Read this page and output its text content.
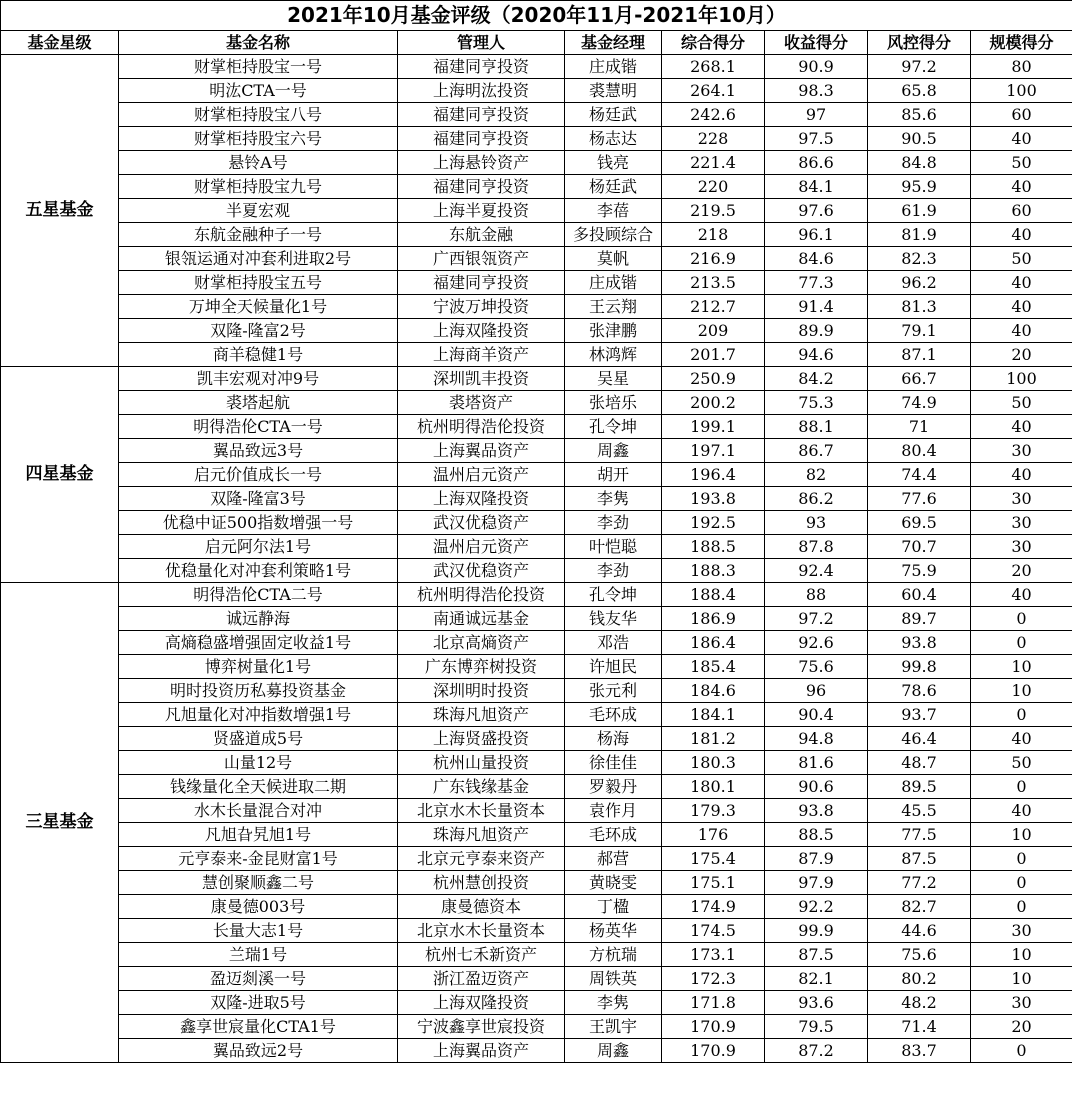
2021年10月基金评级（2020年11月-2021年10月）							
基金星级	基金名称	管理人	基金经理	综合得分	收益得分	风控得分	规模得分
五星基金	财掌柜持股宝一号	福建同亨投资	庄成锴	268.1	90.9	97.2	80
	明汯CTA一号	上海明汯投资	裘慧明	264.1	98.3	65.8	100
	财掌柜持股宝八号	福建同亨投资	杨廷武	242.6	97	85.6	60
	财掌柜持股宝六号	福建同亨投资	杨志达	228	97.5	90.5	40
	悬铃A号	上海悬铃资产	钱亮	221.4	86.6	84.8	50
	财掌柜持股宝九号	福建同亨投资	杨廷武	220	84.1	95.9	40
	半夏宏观	上海半夏投资	李蓓	219.5	97.6	61.9	60
	东航金融种子一号	东航金融	多投顾综合	218	96.1	81.9	40
	银瓴运通对冲套利进取2号	广西银瓴资产	莫帆	216.9	84.6	82.3	50
	财掌柜持股宝五号	福建同亨投资	庄成锴	213.5	77.3	96.2	40
	万坤全天候量化1号	宁波万坤投资	王云翔	212.7	91.4	81.3	40
	双隆-隆富2号	上海双隆投资	张津鹏	209	89.9	79.1	40
	商羊稳健1号	上海商羊资产	林鸿辉	201.7	94.6	87.1	20
四星基金	凯丰宏观对冲9号	深圳凯丰投资	吴星	250.9	84.2	66.7	100
	裘塔起航	裘塔资产	张培乐	200.2	75.3	74.9	50
	明得浩伦CTA一号	杭州明得浩伦投资	孔令坤	199.1	88.1	71	40
	翼品致远3号	上海翼品资产	周鑫	197.1	86.7	80.4	30
	启元价值成长一号	温州启元资产	胡开	196.4	82	74.4	40
	双隆-隆富3号	上海双隆投资	李隽	193.8	86.2	77.6	30
	优稳中证500指数增强一号	武汉优稳资产	李劲	192.5	93	69.5	30
	启元阿尔法1号	温州启元资产	叶恺聪	188.5	87.8	70.7	30
	优稳量化对冲套利策略1号	武汉优稳资产	李劲	188.3	92.4	75.9	20
三星基金	明得浩伦CTA二号	杭州明得浩伦投资	孔令坤	188.4	88	60.4	40
	诚远静海	南通诚远基金	钱友华	186.9	97.2	89.7	0
	高熵稳盛增强固定收益1号	北京高熵资产	邓浩	186.4	92.6	93.8	0
	博弈树量化1号	广东博弈树投资	许旭民	185.4	75.6	99.8	10
	明时投资历私募投资基金	深圳明时投资	张元利	184.6	96	78.6	10
	凡旭量化对冲指数增强1号	珠海凡旭资产	毛环成	184.1	90.4	93.7	0
	贤盛道成5号	上海贤盛投资	杨海	181.2	94.8	46.4	40
	山量12号	杭州山量投资	徐佳佳	180.3	81.6	48.7	50
	钱缘量化全天候进取二期	广东钱缘基金	罗毅丹	180.1	90.6	89.5	0
	水木长量混合对冲	北京水木长量资本	袁作月	179.3	93.8	45.5	40
	凡旭旮旯旭1号	珠海凡旭资产	毛环成	176	88.5	77.5	10
	元亨泰来-金昆财富1号	北京元亨泰来资产	郝营	175.4	87.9	87.5	0
	慧创聚顺鑫二号	杭州慧创投资	黄晓雯	175.1	97.9	77.2	0
	康曼德003号	康曼德资本	丁楹	174.9	92.2	82.7	0
	长量大志1号	北京水木长量资本	杨英华	174.5	99.9	44.6	30
	兰瑞1号	杭州七禾新资产	方杭瑞	173.1	87.5	75.6	10
	盈迈剡溪一号	浙江盈迈资产	周铁英	172.3	82.1	80.2	10
	双隆-进取5号	上海双隆投资	李隽	171.8	93.6	48.2	30
	鑫享世宸量化CTA1号	宁波鑫享世宸投资	王凯宇	170.9	79.5	71.4	20
	翼品致远2号	上海翼品资产	周鑫	170.9	87.2	83.7	0
